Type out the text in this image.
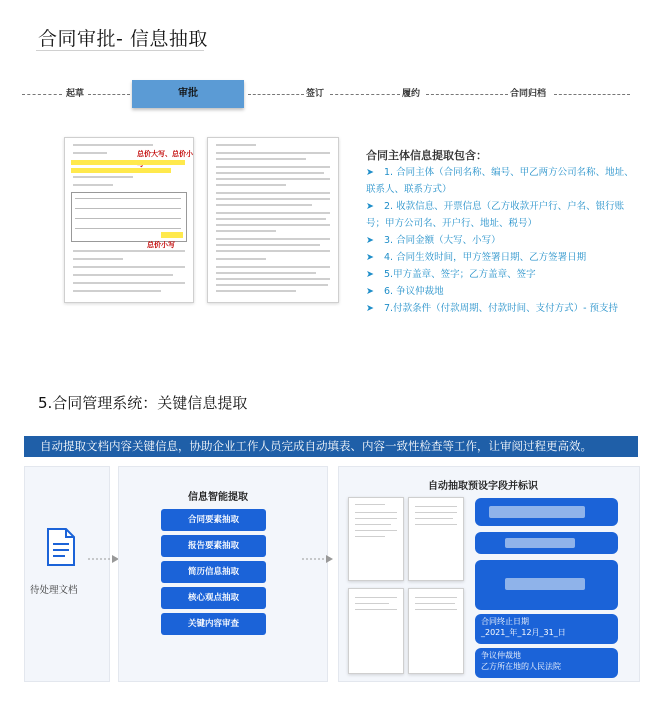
合同审批- 信息抽取
起草	审批	签订	履约	合同归档
总价大写、总价小
总价小写
合同主体信息提取包含：
➤ 1. 合同主体（合同名称、编号、甲乙两方公司名称、地址、联系人、联系方式）
➤ 2. 收款信息、开票信息（乙方收款开户行、户名、银行账号；甲方公司名、开户行、地址、税号）
➤ 3. 合同金额（大写、小写）
➤ 4. 合同生效时间，甲方签署日期、乙方签署日期
➤ 5.甲方盖章、签字；乙方盖章、签字
➤ 6. 争议仲裁地
➤ 7.付款条件（付款周期、付款时间、支付方式）- 预支持
5.合同管理系统：关键信息提取
自动提取文档内容关键信息，协助企业工作人员完成自动填表、内容一致性检查等工作，让审阅过程更高效。
待处理文档
信息智能提取
合同要素抽取
报告要素抽取
简历信息抽取
核心观点抽取
关键内容审查
自动抽取预设字段并标识
合同终止日期
_2021_年_12月_31_日
争议仲裁地
乙方所在地的人民法院
